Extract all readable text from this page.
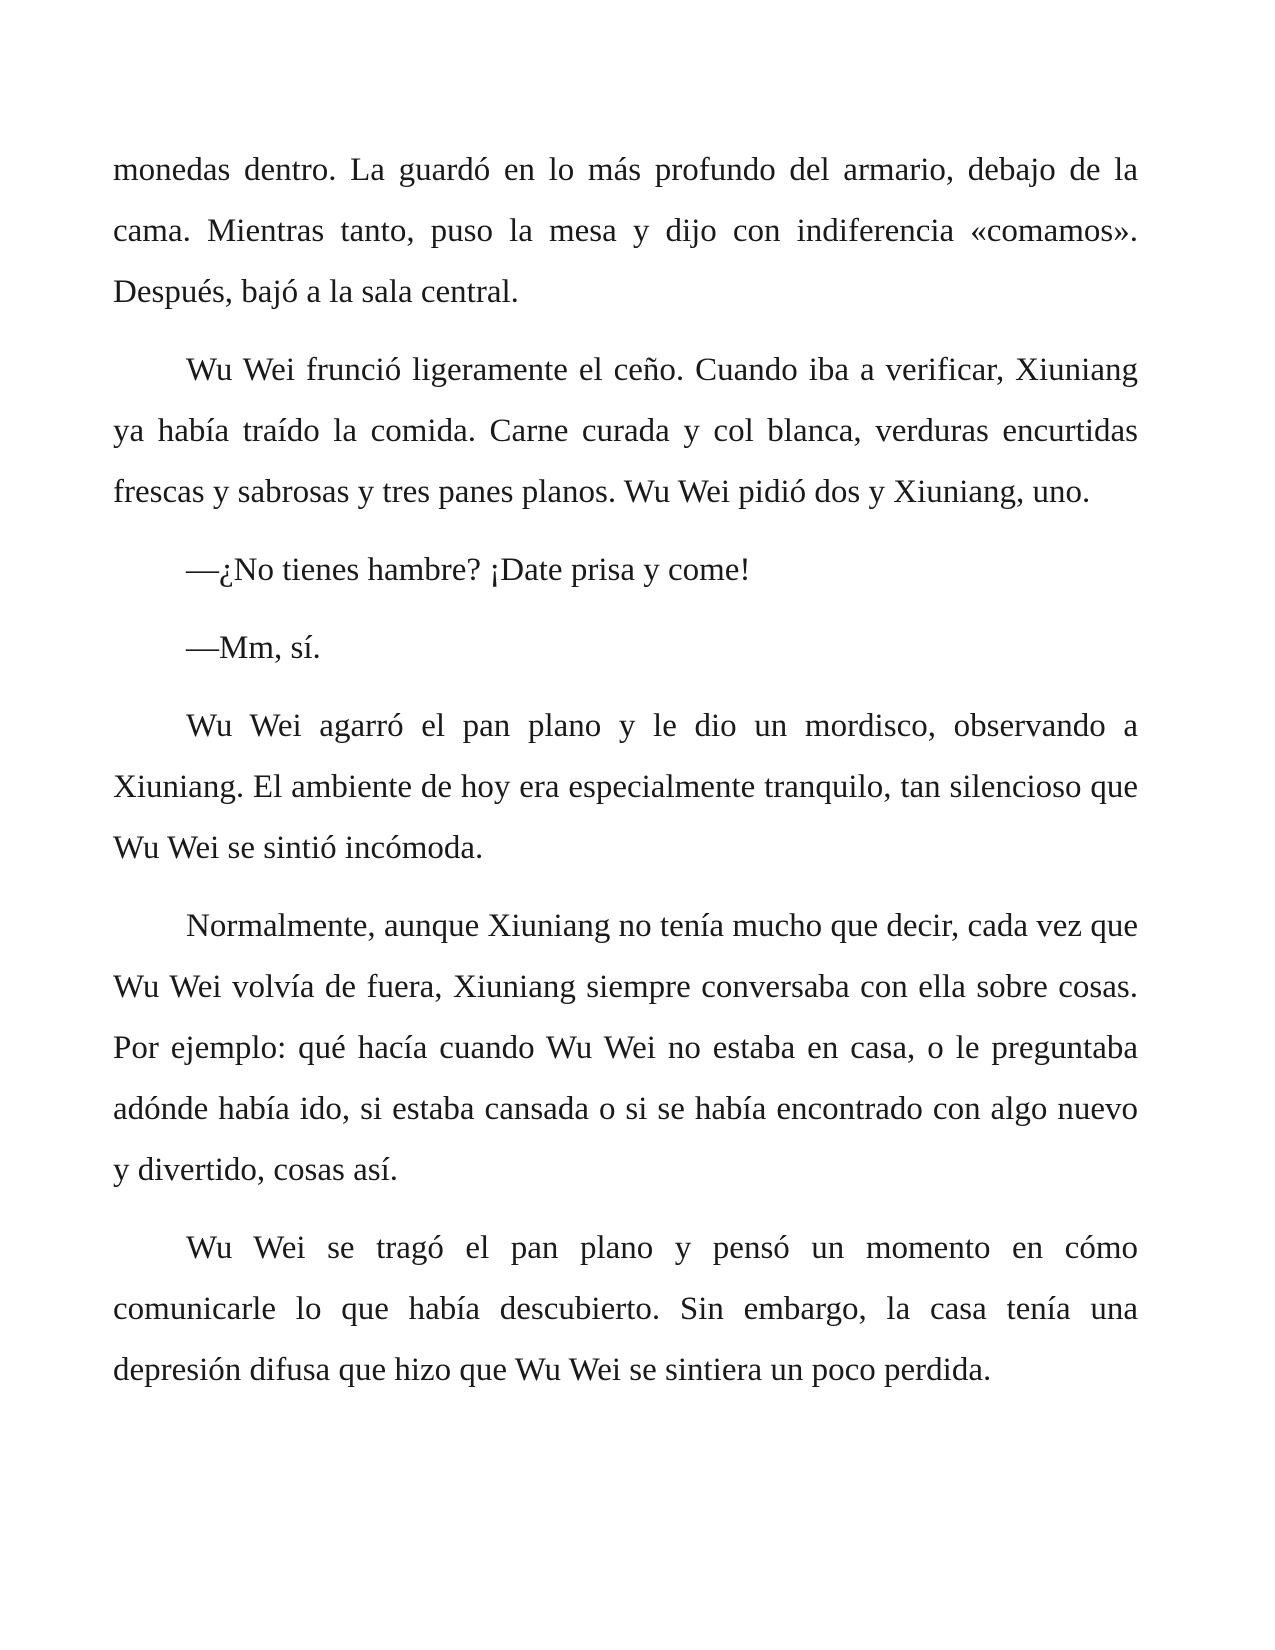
monedas dentro. La guardó en lo más profundo del armario, debajo de la cama. Mientras tanto, puso la mesa y dijo con indiferencia «comamos». Después, bajó a la sala central.

Wu Wei frunció ligeramente el ceño. Cuando iba a verificar, Xiuniang ya había traído la comida. Carne curada y col blanca, verduras encurtidas frescas y sabrosas y tres panes planos. Wu Wei pidió dos y Xiuniang, uno.

—¿No tienes hambre? ¡Date prisa y come!

—Mm, sí.

Wu Wei agarró el pan plano y le dio un mordisco, observando a Xiuniang. El ambiente de hoy era especialmente tranquilo, tan silencioso que Wu Wei se sintió incómoda.

Normalmente, aunque Xiuniang no tenía mucho que decir, cada vez que Wu Wei volvía de fuera, Xiuniang siempre conversaba con ella sobre cosas. Por ejemplo: qué hacía cuando Wu Wei no estaba en casa, o le preguntaba adónde había ido, si estaba cansada o si se había encontrado con algo nuevo y divertido, cosas así.

Wu Wei se tragó el pan plano y pensó un momento en cómo comunicarle lo que había descubierto. Sin embargo, la casa tenía una depresión difusa que hizo que Wu Wei se sintiera un poco perdida.
